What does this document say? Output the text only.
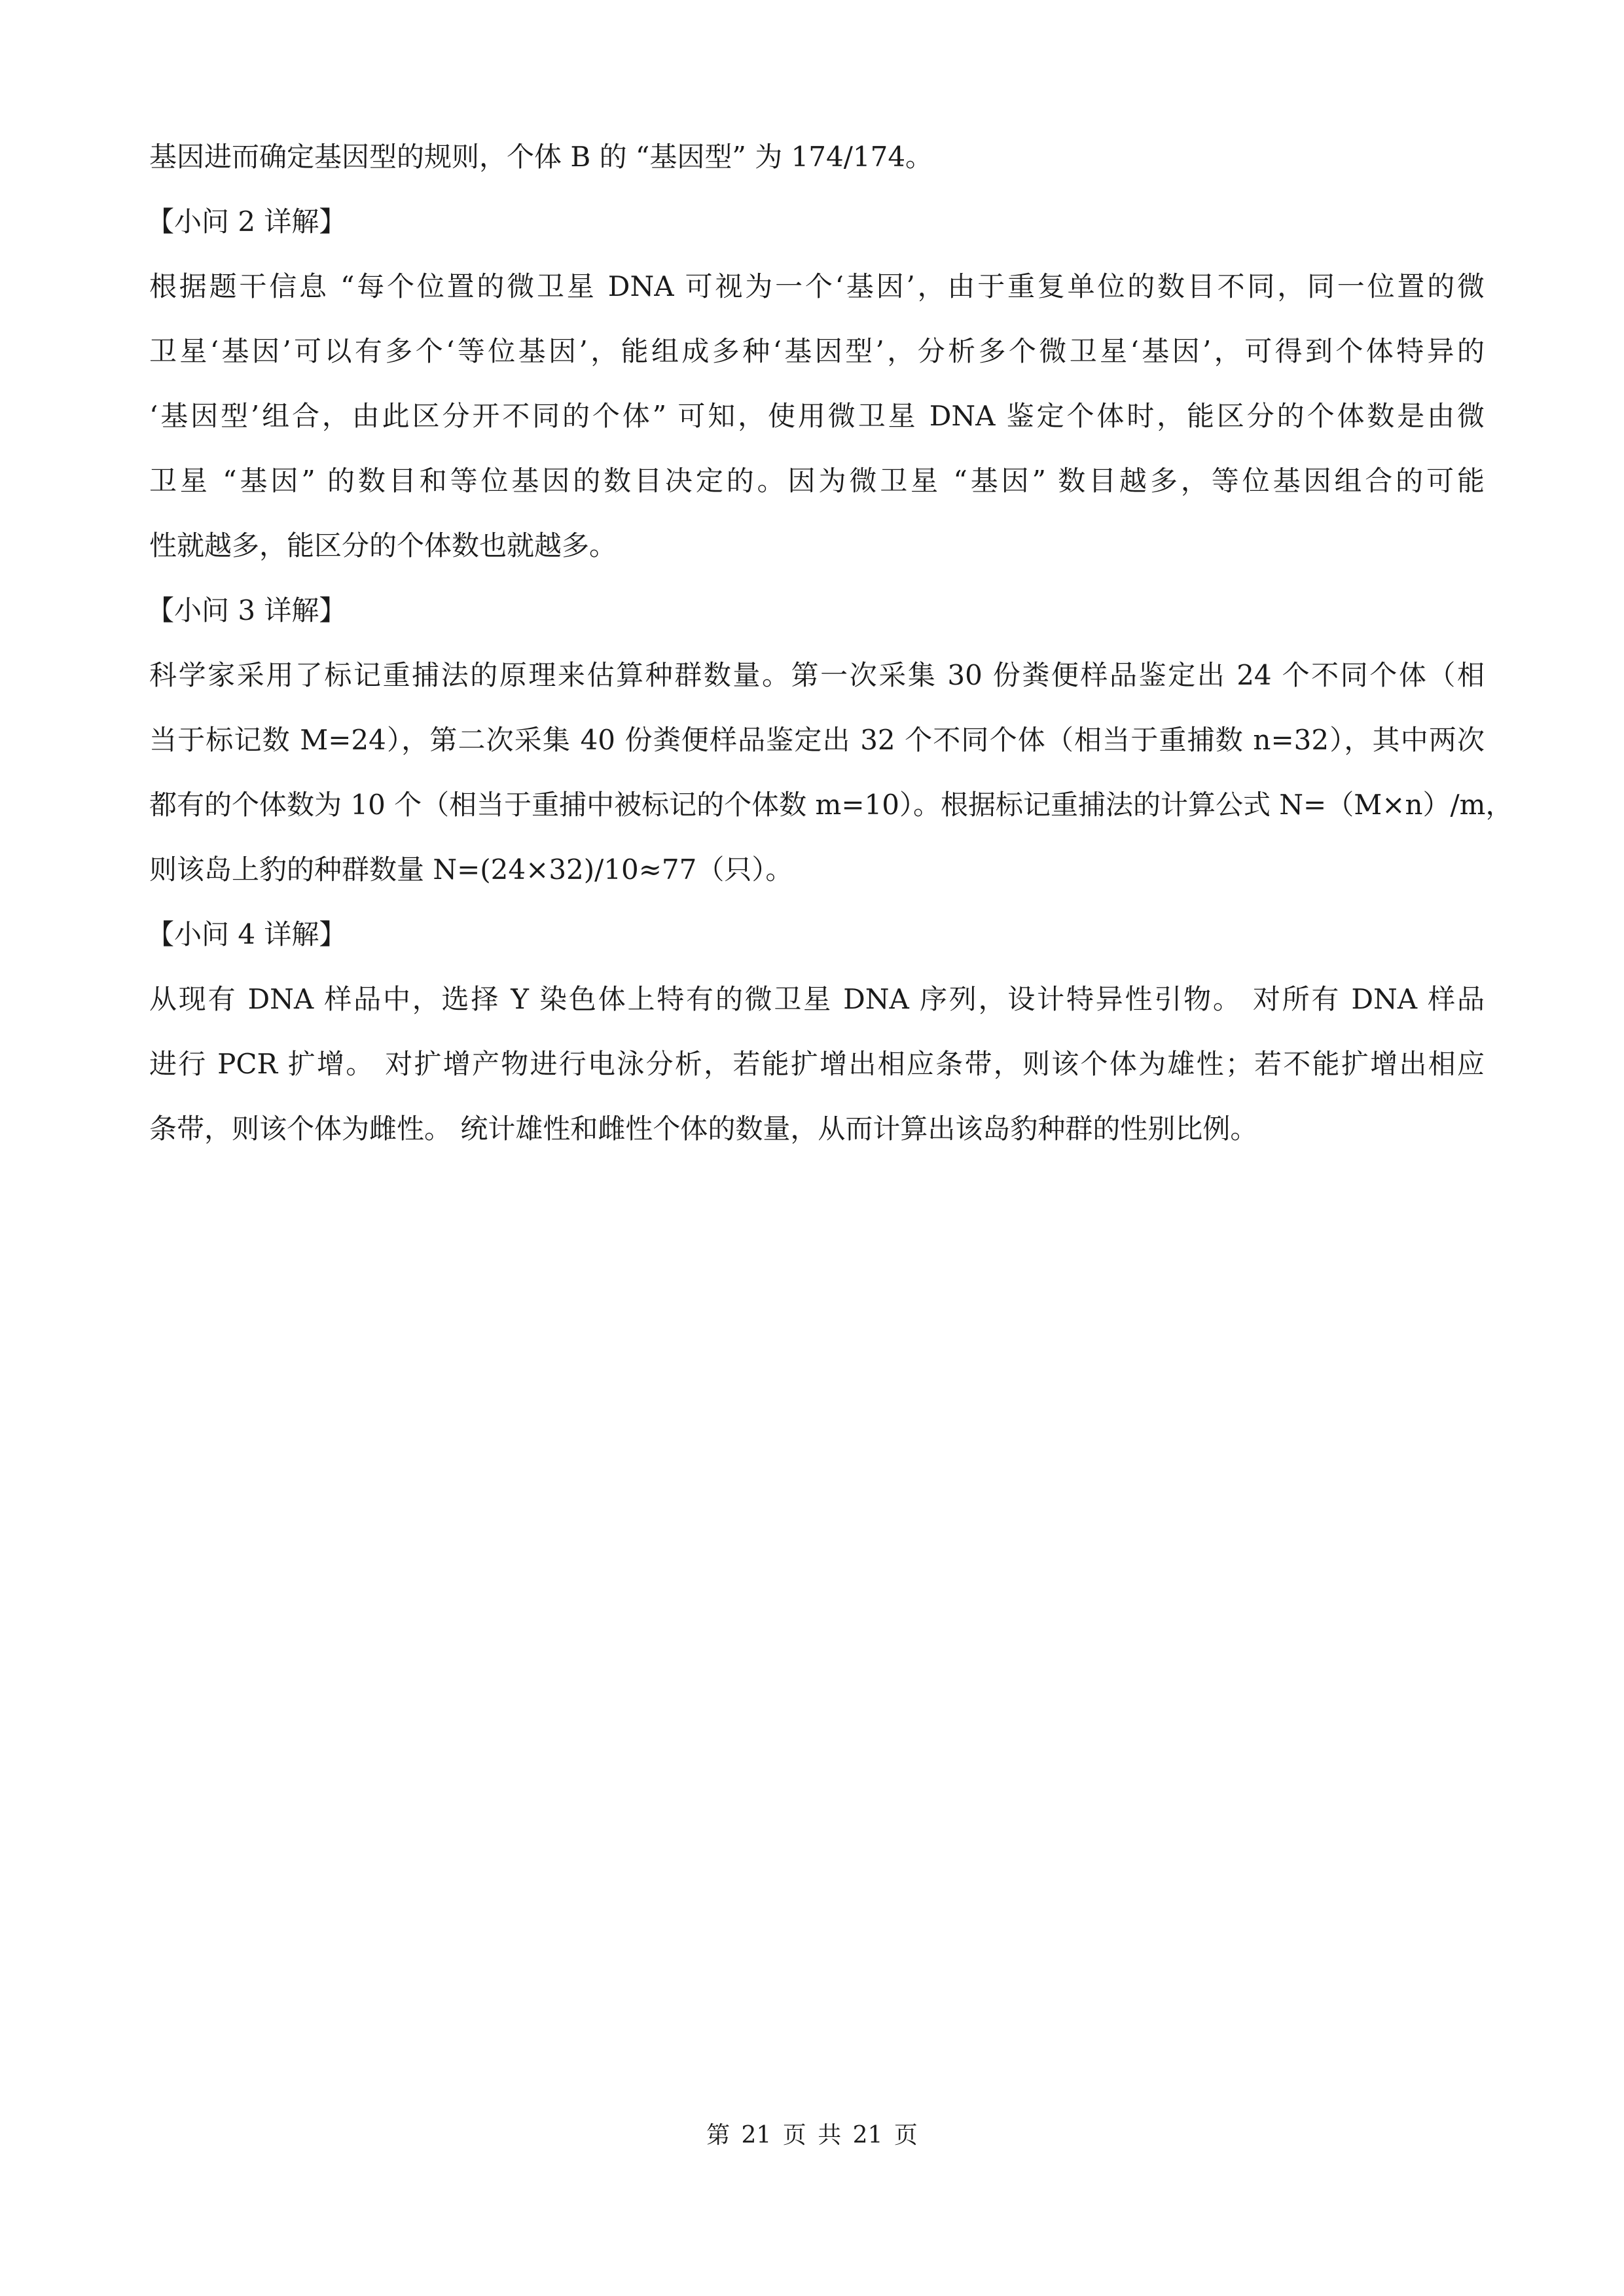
基因进而确定基因型的规则，个体 B 的 “基因型” 为 174/174。
【小问 2 详解】
根据题干信息 “每个位置的微卫星 DNA 可视为一个‘基因’，由于重复单位的数目不同，同一位置的微
卫星‘基因’可以有多个‘等位基因’，能组成多种‘基因型’，分析多个微卫星‘基因’，可得到个体特异的
‘基因型’组合，由此区分开不同的个体” 可知，使用微卫星 DNA 鉴定个体时，能区分的个体数是由微
卫星 “基因” 的数目和等位基因的数目决定的。因为微卫星 “基因” 数目越多，等位基因组合的可能
性就越多，能区分的个体数也就越多。
【小问 3 详解】
科学家采用了标记重捕法的原理来估算种群数量。第一次采集 30 份粪便样品鉴定出 24 个不同个体（相
当于标记数 M=24），第二次采集 40 份粪便样品鉴定出 32 个不同个体（相当于重捕数 n=32），其中两次
都有的个体数为 10 个（相当于重捕中被标记的个体数 m=10）。根据标记重捕法的计算公式 N=（M×n）/m，
则该岛上豹的种群数量 N=(24×32)/10≈77（只）。
【小问 4 详解】
从现有 DNA 样品中，选择 Y 染色体上特有的微卫星 DNA 序列，设计特异性引物。 对所有 DNA 样品
进行 PCR 扩增。 对扩增产物进行电泳分析，若能扩增出相应条带，则该个体为雄性；若不能扩增出相应
条带，则该个体为雌性。 统计雄性和雌性个体的数量，从而计算出该岛豹种群的性别比例。
第 21 页 共 21 页
